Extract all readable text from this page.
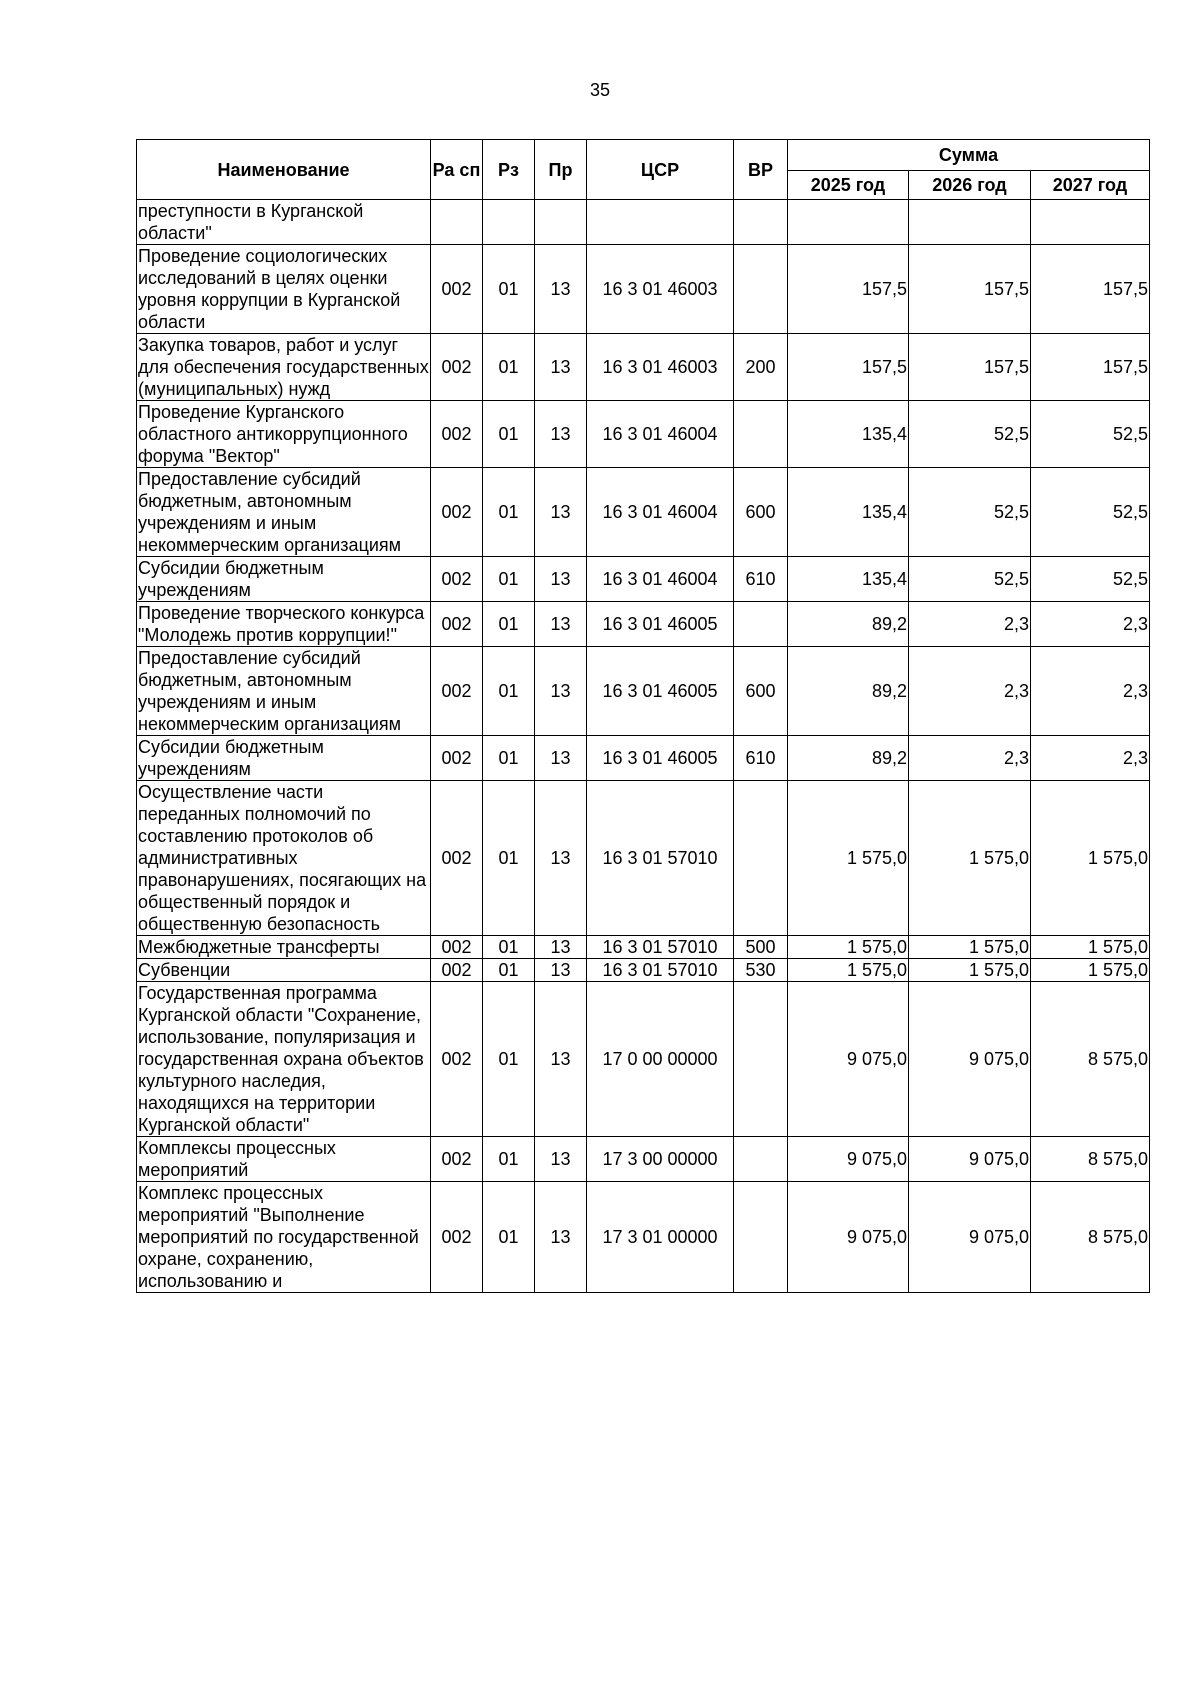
35
Наименование	Ра сп	Рз	Пр	ЦСР	ВР	Сумма		
						2025 год	2026 год	2027 год
преступности в Курганской области"								
Проведение социологических исследований в целях оценки уровня коррупции в Курганской области	002	01	13	16 3 01 46003		157,5	157,5	157,5
Закупка товаров, работ и услуг для обеспечения государственных (муниципальных) нужд	002	01	13	16 3 01 46003	200	157,5	157,5	157,5
Проведение Курганского областного антикоррупционного форума "Вектор"	002	01	13	16 3 01 46004		135,4	52,5	52,5
Предоставление субсидий бюджетным, автономным учреждениям и иным некоммерческим организациям	002	01	13	16 3 01 46004	600	135,4	52,5	52,5
Субсидии бюджетным учреждениям	002	01	13	16 3 01 46004	610	135,4	52,5	52,5
Проведение творческого конкурса "Молодежь против коррупции!"	002	01	13	16 3 01 46005		89,2	2,3	2,3
Предоставление субсидий бюджетным, автономным учреждениям и иным некоммерческим организациям	002	01	13	16 3 01 46005	600	89,2	2,3	2,3
Субсидии бюджетным учреждениям	002	01	13	16 3 01 46005	610	89,2	2,3	2,3
Осуществление части переданных полномочий по составлению протоколов об административных правонарушениях, посягающих на общественный порядок и общественную безопасность	002	01	13	16 3 01 57010		1 575,0	1 575,0	1 575,0
Межбюджетные трансферты	002	01	13	16 3 01 57010	500	1 575,0	1 575,0	1 575,0
Субвенции	002	01	13	16 3 01 57010	530	1 575,0	1 575,0	1 575,0
Государственная программа Курганской области "Сохранение, использование, популяризация и государственная охрана объектов культурного наследия, находящихся на территории Курганской области"	002	01	13	17 0 00 00000		9 075,0	9 075,0	8 575,0
Комплексы процессных мероприятий	002	01	13	17 3 00 00000		9 075,0	9 075,0	8 575,0
Комплекс процессных мероприятий "Выполнение мероприятий по государственной охране, сохранению, использованию и	002	01	13	17 3 01 00000		9 075,0	9 075,0	8 575,0
